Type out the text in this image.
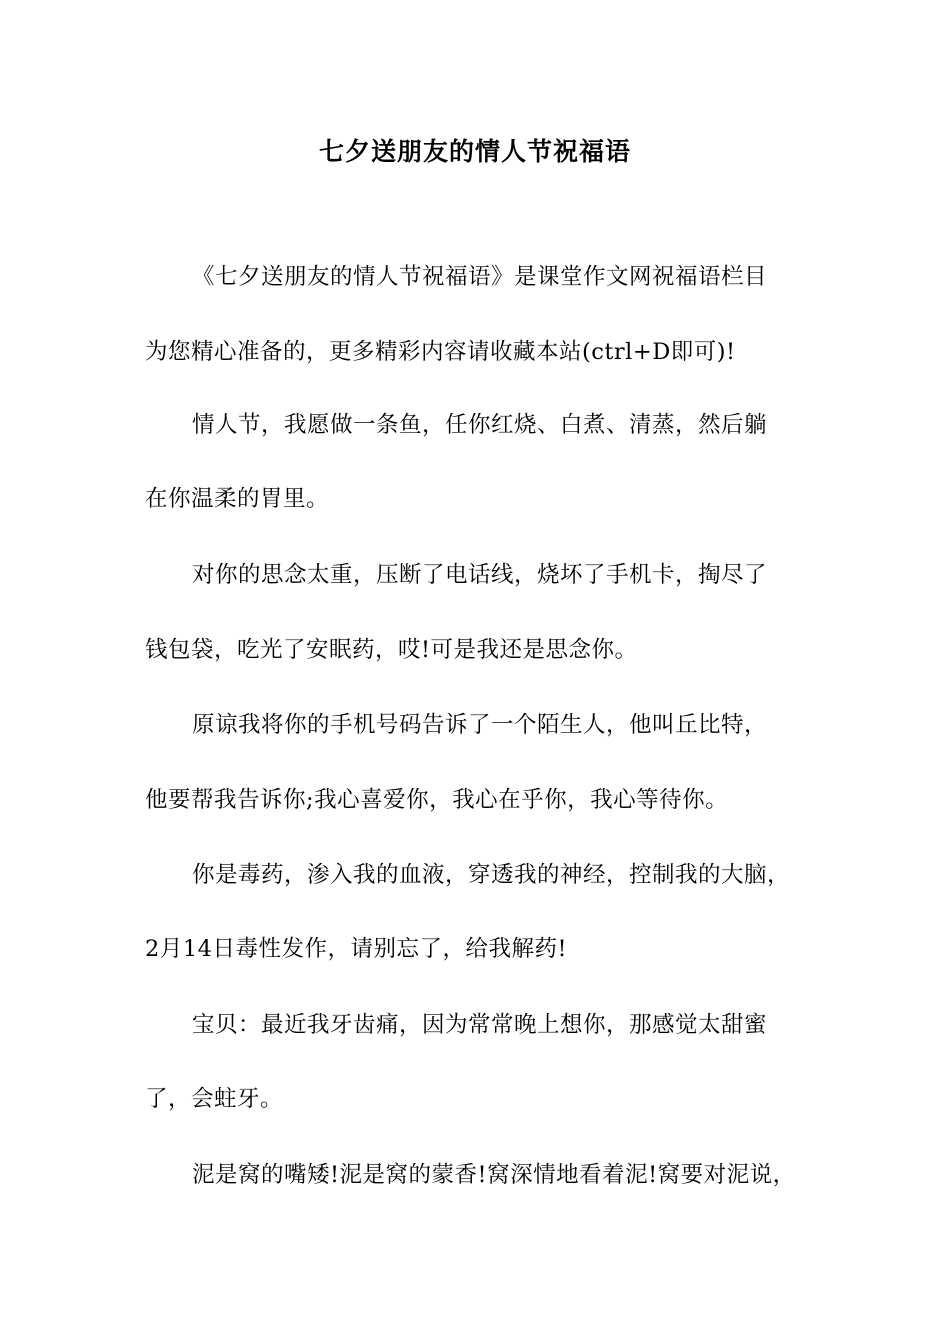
七夕送朋友的情人节祝福语
《七夕送朋友的情人节祝福语》是课堂作文网祝福语栏目
为您精心准备的，更多精彩内容请收藏本站(ctrl+D即可)!
情人节，我愿做一条鱼，任你红烧、白煮、清蒸，然后躺
在你温柔的胃里。
对你的思念太重，压断了电话线，烧坏了手机卡，掏尽了
钱包袋，吃光了安眠药，哎!可是我还是思念你。
原谅我将你的手机号码告诉了一个陌生人，他叫丘比特，
他要帮我告诉你;我心喜爱你，我心在乎你，我心等待你。
你是毒药，渗入我的血液，穿透我的神经，控制我的大脑，
2月14日毒性发作，请别忘了，给我解药!
宝贝：最近我牙齿痛，因为常常晚上想你，那感觉太甜蜜
了，会蛀牙。
泥是窝的嘴矮!泥是窝的蒙香!窝深情地看着泥!窝要对泥说，
